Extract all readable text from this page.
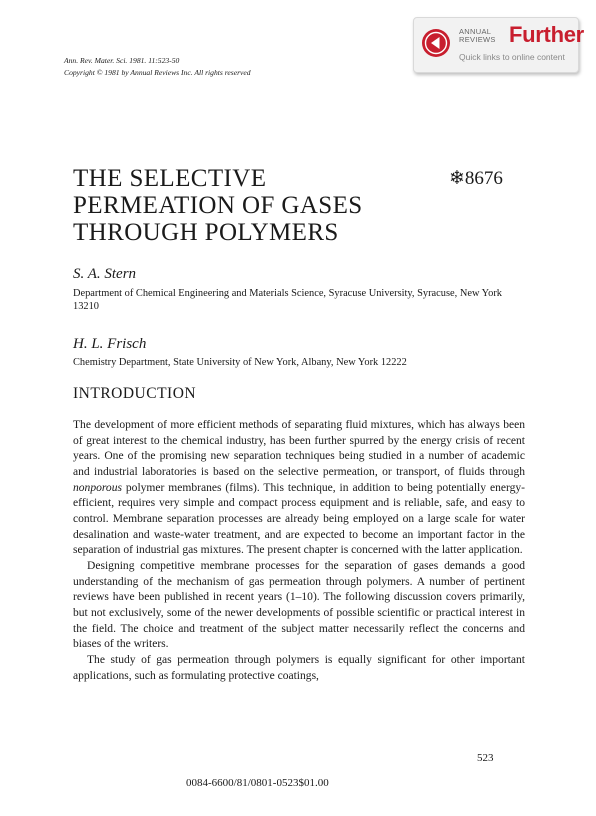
Ann. Rev. Mater. Sci. 1981. 11:523-50
Copyright © 1981 by Annual Reviews Inc. All rights reserved
ANNUAL
REVIEWS Further
Quick links to online content
THE SELECTIVE
PERMEATION OF GASES
THROUGH POLYMERS
❄8676
S. A. Stern
Department of Chemical Engineering and Materials Science, Syracuse University, Syracuse, New York 13210
H. L. Frisch
Chemistry Department, State University of New York, Albany, New York 12222
INTRODUCTION

The development of more efficient methods of separating fluid mixtures, which has always been of great interest to the chemical industry, has been further spurred by the energy crisis of recent years. One of the promising new separation techniques being studied in a number of academic and industrial laboratories is based on the selective permeation, or transport, of fluids through nonporous polymer membranes (films). This technique, in addition to being potentially energy-efficient, requires very simple and compact process equipment and is reliable, safe, and easy to control. Membrane separation processes are already being employed on a large scale for water desalination and waste-water treatment, and are expected to become an important factor in the separation of industrial gas mixtures. The present chapter is concerned with the latter application.

Designing competitive membrane processes for the separation of gases demands a good understanding of the mechanism of gas permeation through polymers. A number of pertinent reviews have been published in recent years (1–10). The following discussion covers primarily, but not exclusively, some of the newer developments of possible scientific or practical interest in the field. The choice and treatment of the subject matter necessarily reflect the concerns and biases of the writers.

The study of gas permeation through polymers is equally significant for other important applications, such as formulating protective coatings,

523
0084-6600/81/0801-0523$01.00
